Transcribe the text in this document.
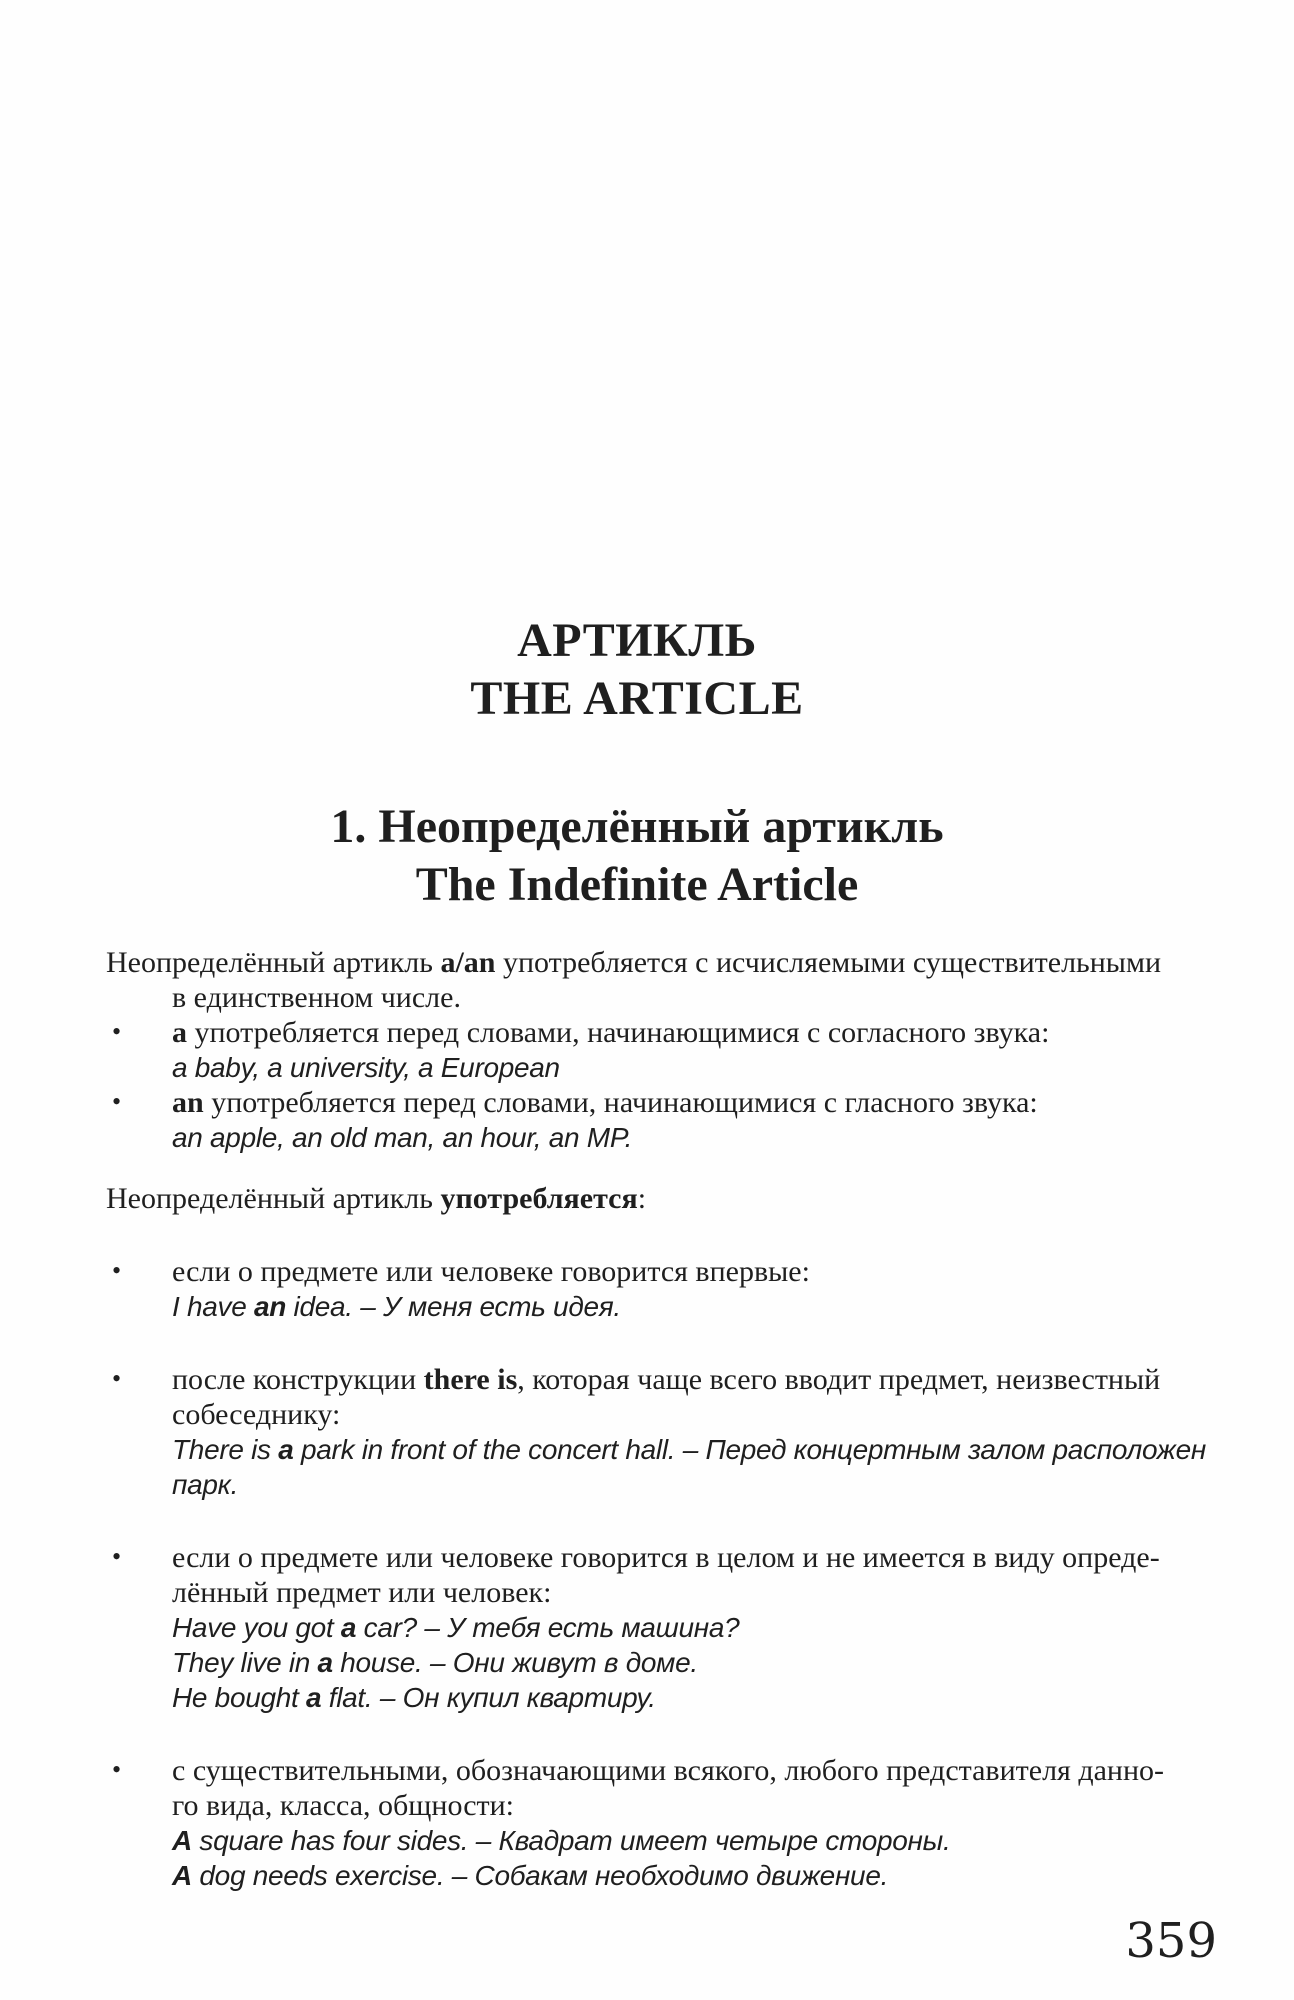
АРТИКЛЬ
THE ARTICLE
1. Неопределённый артикль
The Indefinite Article
Неопределённый артикль a/an употребляется с исчисляемыми существительными
в единственном числе.
• a употребляется перед словами, начинающимися с согласного звука:
a baby, a university, a European
• an употребляется перед словами, начинающимися с гласного звука:
an apple, an old man, an hour, an MP.
Неопределённый артикль употребляется:
• если о предмете или человеке говорится впервые:
I have an idea. – У меня есть идея.
• после конструкции there is, которая чаще всего вводит предмет, неизвестный
собеседнику:
There is a park in front of the concert hall. – Перед концертным залом расположен
парк.
• если о предмете или человеке говорится в целом и не имеется в виду опреде-
лённый предмет или человек:
Have you got a car? – У тебя есть машина?
They live in a house. – Они живут в доме.
He bought a flat. – Он купил квартиру.
• с существительными, обозначающими всякого, любого представителя данно-
го вида, класса, общности:
A square has four sides. – Квадрат имеет четыре стороны.
A dog needs exercise. – Собакам необходимо движение.
359
